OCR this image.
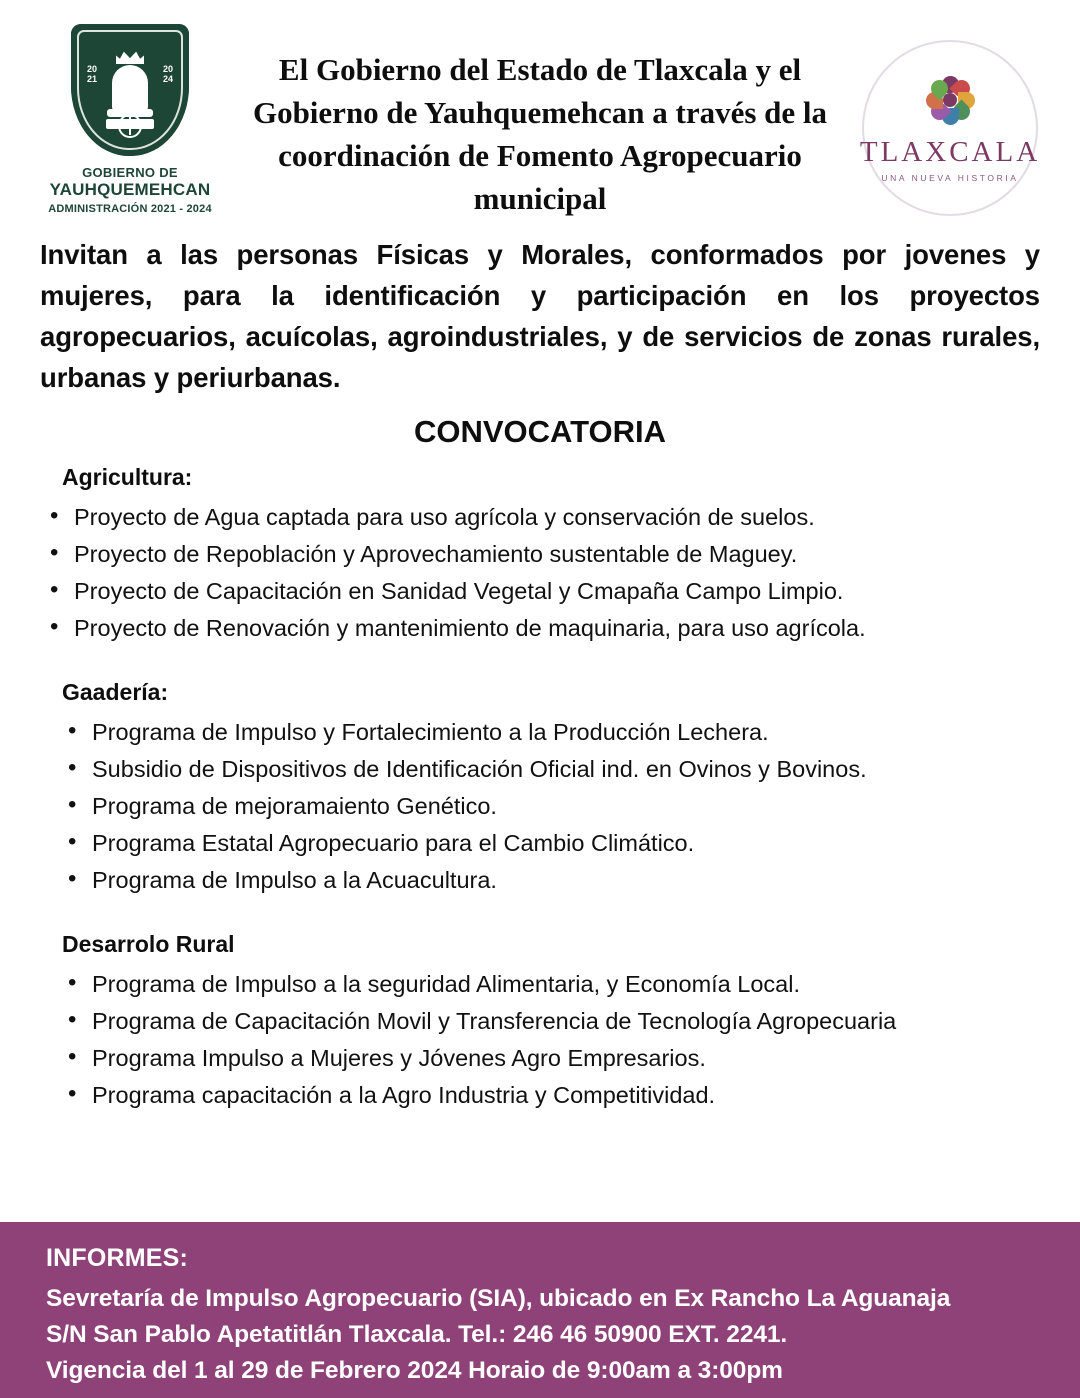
20
21
20
24
GOBIERNO DE
YAUHQUEMEHCAN
ADMINISTRACIÓN 2021 - 2024
El Gobierno del Estado de Tlaxcala y el Gobierno de Yauhquemehcan a través de la coordinación de Fomento Agropecuario municipal
TLAXCALA
UNA NUEVA HISTORIA
Invitan a las personas Físicas y Morales, conformados por jovenes y mujeres, para la identificación y participación en los proyectos agropecuarios, acuícolas, agroindustriales, y de servicios de zonas rurales, urbanas y periurbanas.
CONVOCATORIA
Agricultura:
• Proyecto de Agua captada para uso agrícola y conservación de suelos.
• Proyecto de Repoblación y Aprovechamiento sustentable de Maguey.
• Proyecto de Capacitación en Sanidad Vegetal y Cmapaña Campo Limpio.
• Proyecto de Renovación y mantenimiento de maquinaria, para uso agrícola.
Gaadería:
• Programa de Impulso y Fortalecimiento a la Producción Lechera.
• Subsidio de Dispositivos de Identificación Oficial ind. en Ovinos y Bovinos.
• Programa de mejoramaiento Genético.
• Programa Estatal Agropecuario para el Cambio Climático.
• Programa de Impulso a la Acuacultura.
Desarrolo Rural
• Programa de Impulso a la seguridad Alimentaria, y Economía Local.
• Programa de Capacitación Movil y Transferencia de Tecnología Agropecuaria
• Programa Impulso a Mujeres y Jóvenes Agro Empresarios.
• Programa capacitación a la Agro Industria y Competitividad.
INFORMES:
Sevretaría de Impulso Agropecuario (SIA), ubicado en Ex Rancho La Aguanaja
S/N San Pablo Apetatitlán Tlaxcala. Tel.: 246 46 50900 EXT. 2241.
Vigencia del 1 al 29 de Febrero 2024 Horaio de 9:00am a 3:00pm
